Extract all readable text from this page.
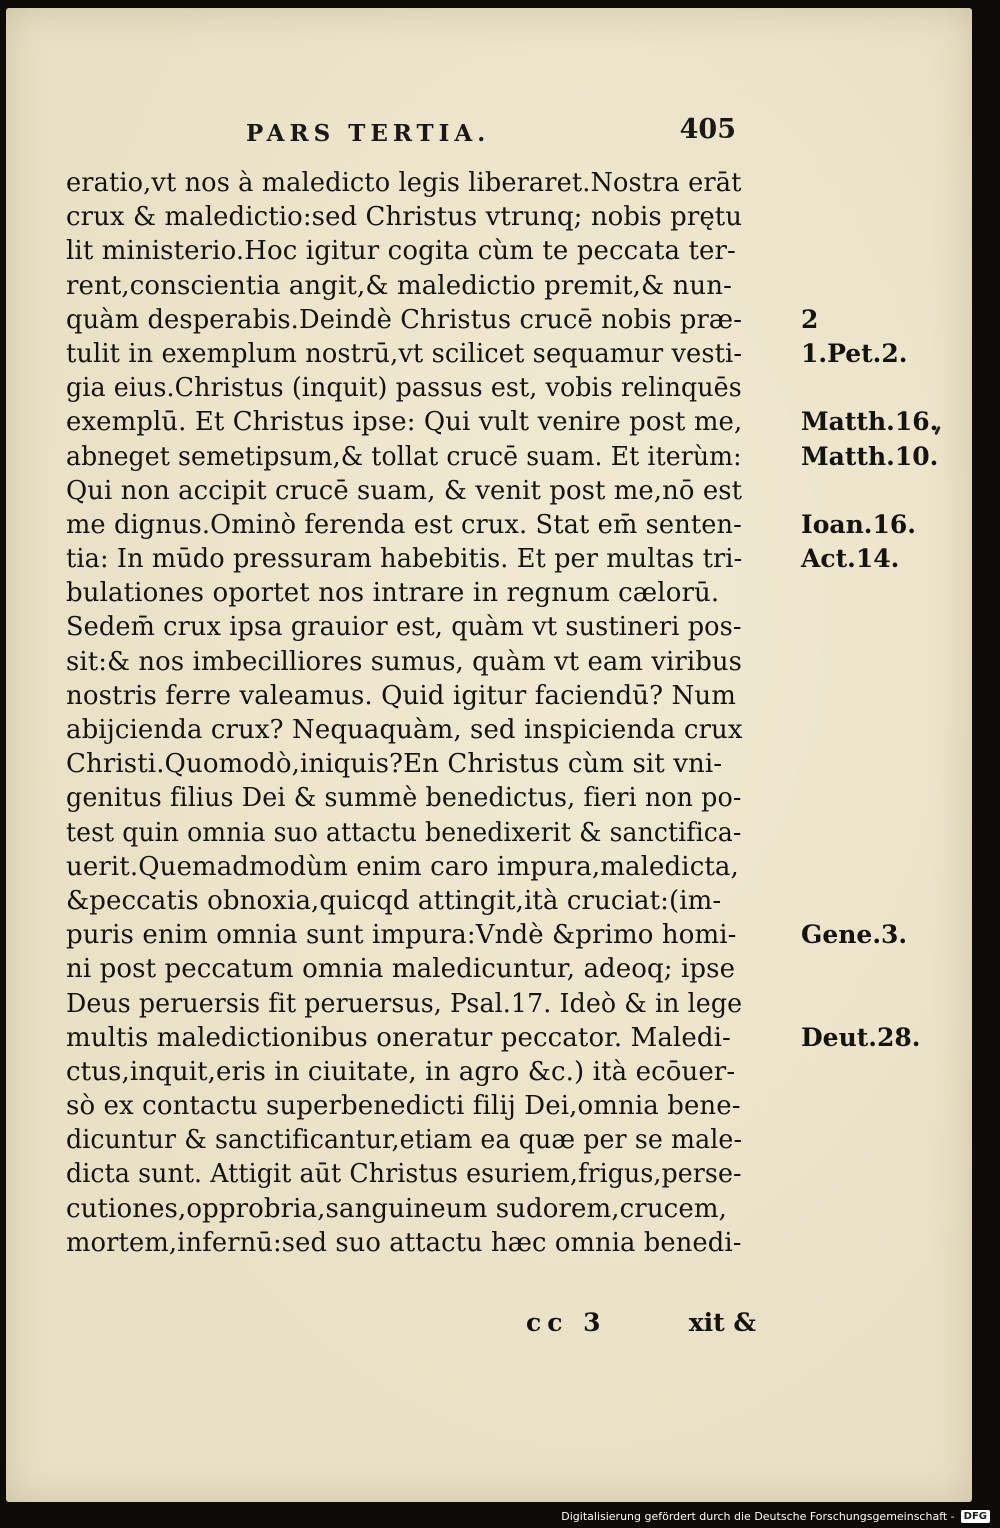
PARS TERTIA.	405
eratio,vt nos à maledicto legis liberaret.Nostra erāt
crux & maledictio:sed Christus vtrunq; nobis prętu
lit ministerio.Hoc igitur cogita cùm te peccata ter-
rent,conscientia angit,& maledictio premit,& nun-
quàm desperabis.Deindè Christus crucē nobis præ-
tulit in exemplum nostrū,vt scilicet sequamur vesti-
gia eius.Christus (inquit) passus est, vobis relinquēs
exemplū. Et Christus ipse: Qui vult venire post me,
abneget semetipsum,& tollat crucē suam. Et iterùm:
Qui non accipit crucē suam, & venit post me,nō est
me dignus.Ominò ferenda est crux. Stat em̄ senten-
tia: In mūdo pressuram habebitis. Et per multas tri-
bulationes oportet nos intrare in regnum cælorū.
Sedem̄ crux ipsa grauior est, quàm vt sustineri pos-
sit:& nos imbecilliores sumus, quàm vt eam viribus
nostris ferre valeamus. Quid igitur faciendū? Num
abijcienda crux? Nequaquàm, sed inspicienda crux
Christi.Quomodò,iniquis?En Christus cùm sit vni-
genitus filius Dei & summè benedictus, fieri non po-
test quin omnia suo attactu benedixerit & sanctifica-
uerit.Quemadmodùm enim caro impura,maledicta,
&peccatis obnoxia,quicqd attingit,ità cruciat:(im-
puris enim omnia sunt impura:Vndè &primo homi-
ni post peccatum omnia maledicuntur, adeoq; ipse
Deus peruersis fit peruersus, Psal.17. Ideò & in lege
multis maledictionibus oneratur peccator. Maledi-
ctus,inquit,eris in ciuitate, in agro &c.) ità ecōuer-
sò ex contactu superbenedicti filij Dei,omnia bene-
dicuntur & sanctificantur,etiam ea quæ per se male-
dicta sunt. Attigit aūt Christus esuriem,frigus,perse-
cutiones,opprobria,sanguineum sudorem,crucem,
mortem,infernū:sed suo attactu hæc omnia benedi-
2
1.Pet.2.
Matth.16.
Matth.10.
Ioan.16.
Act.14.
Gene.3.
Deut.28.
cc 3	xit &
Digitalisierung gefördert durch die Deutsche Forschungsgemeinschaft - DFG
